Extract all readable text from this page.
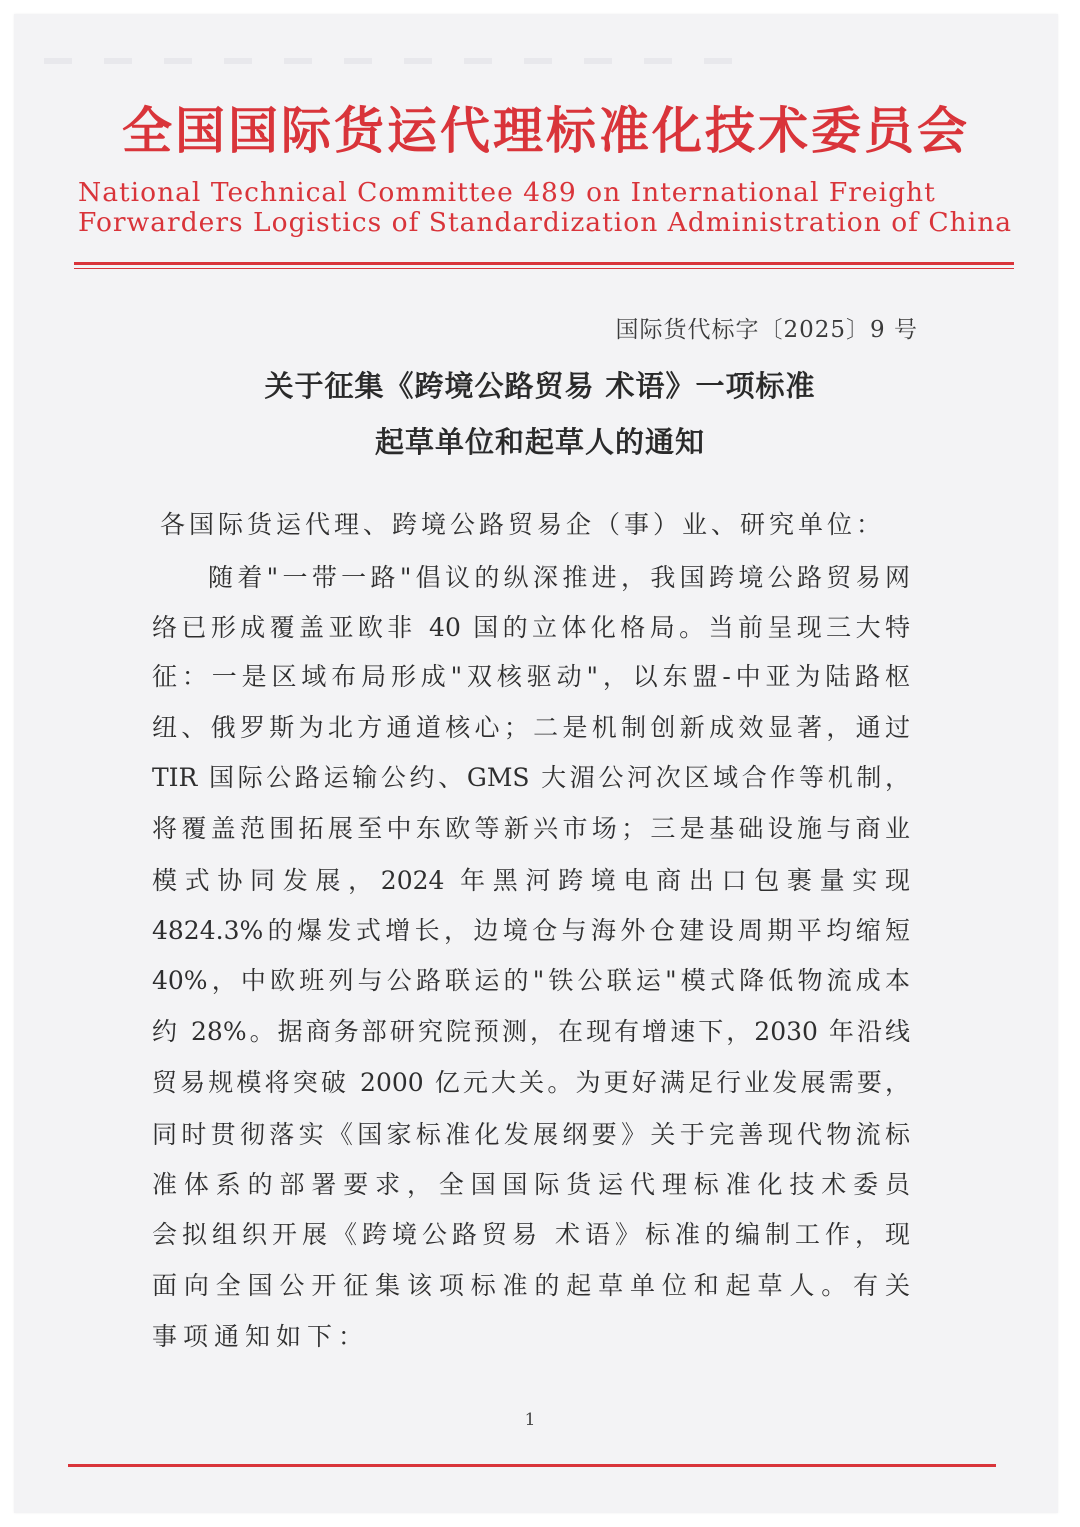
全国国际货运代理标准化技术委员会
National Technical Committee 489 on International Freight
Forwarders Logistics of Standardization Administration of China
国际货代标字〔2025〕9 号
关于征集《跨境公路贸易 术语》一项标准
起草单位和起草人的通知
各国际货运代理、跨境公路贸易企（事）业、研究单位：
随着"一带一路"倡议的纵深推进，我国跨境公路贸易网
络已形成覆盖亚欧非 40 国的立体化格局。当前呈现三大特
征：一是区域布局形成"双核驱动"，以东盟-中亚为陆路枢
纽、俄罗斯为北方通道核心；二是机制创新成效显著，通过
TIR 国际公路运输公约、GMS 大湄公河次区域合作等机制，
将覆盖范围拓展至中东欧等新兴市场；三是基础设施与商业
模式协同发展，2024 年黑河跨境电商出口包裹量实现
4824.3%的爆发式增长，边境仓与海外仓建设周期平均缩短
40%，中欧班列与公路联运的"铁公联运"模式降低物流成本
约 28%。据商务部研究院预测，在现有增速下，2030 年沿线
贸易规模将突破 2000 亿元大关。为更好满足行业发展需要，
同时贯彻落实《国家标准化发展纲要》关于完善现代物流标
准体系的部署要求，全国国际货运代理标准化技术委员
会拟组织开展《跨境公路贸易 术语》标准的编制工作，现
面向全国公开征集该项标准的起草单位和起草人。有关
事项通知如下：
1
